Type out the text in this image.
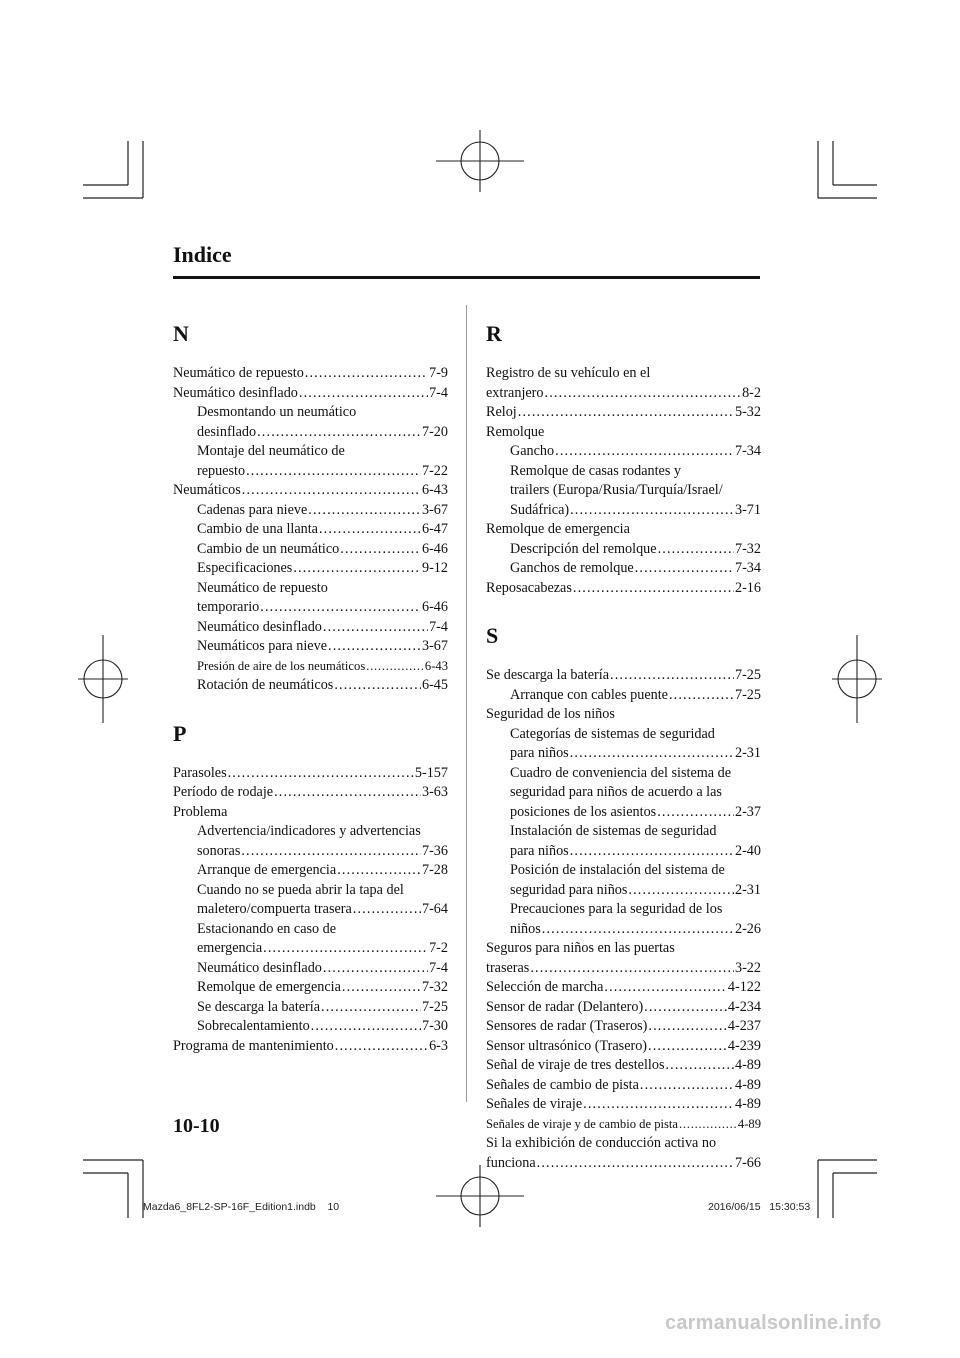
Indice
N
Neumático de repuesto . . .	7-9
Neumático desinflado . . .	7-4
Desmontando un neumático
desinflado . . .	7-20
Montaje del neumático de
repuesto . . .	7-22
Neumáticos . . .	6-43
Cadenas para nieve . . .	3-67
Cambio de una llanta . . .	6-47
Cambio de un neumático . . .	6-46
Especificaciones . . .	9-12
Neumático de repuesto
temporario . . .	6-46
Neumático desinflado . . .	7-4
Neumáticos para nieve . . .	3-67
Presión de aire de los neumáticos . . .	6-43
Rotación de neumáticos . . .	6-45
P
Parasoles . . .	5-157
Período de rodaje . . .	3-63
Problema
Advertencia/indicadores y advertencias
sonoras . . .	7-36
Arranque de emergencia . . .	7-28
Cuando no se pueda abrir la tapa del
maletero/compuerta trasera . . .	7-64
Estacionando en caso de
emergencia . . .	7-2
Neumático desinflado . . .	7-4
Remolque de emergencia . . .	7-32
Se descarga la batería . . .	7-25
Sobrecalentamiento . . .	7-30
Programa de mantenimiento . . .	6-3
R
Registro de su vehículo en el
extranjero . . .	8-2
Reloj . . .	5-32
Remolque
Gancho . . .	7-34
Remolque de casas rodantes y
trailers (Europa/Rusia/Turquía/Israel/
Sudáfrica) . . .	3-71
Remolque de emergencia
Descripción del remolque . . .	7-32
Ganchos de remolque . . .	7-34
Reposacabezas . . .	2-16
S
Se descarga la batería . . .	7-25
Arranque con cables puente . . .	7-25
Seguridad de los niños
Categorías de sistemas de seguridad
para niños . . .	2-31
Cuadro de conveniencia del sistema de
seguridad para niños de acuerdo a las
posiciones de los asientos . . .	2-37
Instalación de sistemas de seguridad
para niños . . .	2-40
Posición de instalación del sistema de
seguridad para niños . . .	2-31
Precauciones para la seguridad de los
niños . . .	2-26
Seguros para niños en las puertas
traseras . . .	3-22
Selección de marcha . . .	4-122
Sensor de radar (Delantero) . . .	4-234
Sensores de radar (Traseros) . . .	4-237
Sensor ultrasónico (Trasero) . . .	4-239
Señal de viraje de tres destellos . . .	4-89
Señales de cambio de pista . . .	4-89
Señales de viraje . . .	4-89
Señales de viraje y de cambio de pista . . .	4-89
Si la exhibición de conducción activa no
funciona . . .	7-66
10-10
Mazda6_8FL2-SP-16F_Edition1.indb    10	2016/06/15   15:30:53
carmanualsonline.info
